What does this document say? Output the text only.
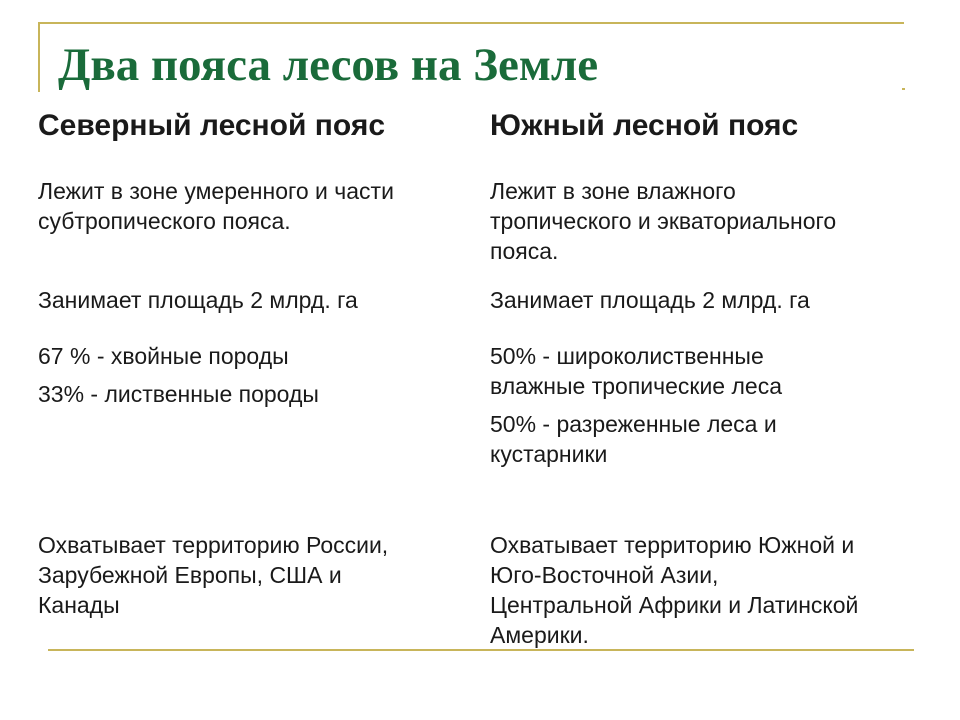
Два пояса лесов на Земле
Северный лесной пояс

Лежит в зоне умеренного и части

субтропического пояса.

Занимает площадь 2 млрд. га

67 % - хвойные породы

33% - лиственные породы

Охватывает территорию России,

Зарубежной Европы, США и

Канады

Южный лесной пояс

Лежит в зоне влажного

тропического и экваториального

пояса.

Занимает площадь 2 млрд. га

50% - широколиственные

влажные тропические леса

50% - разреженные леса и

кустарники

Охватывает территорию Южной и

Юго-Восточной Азии,

Центральной Африки и Латинской

Америки.
